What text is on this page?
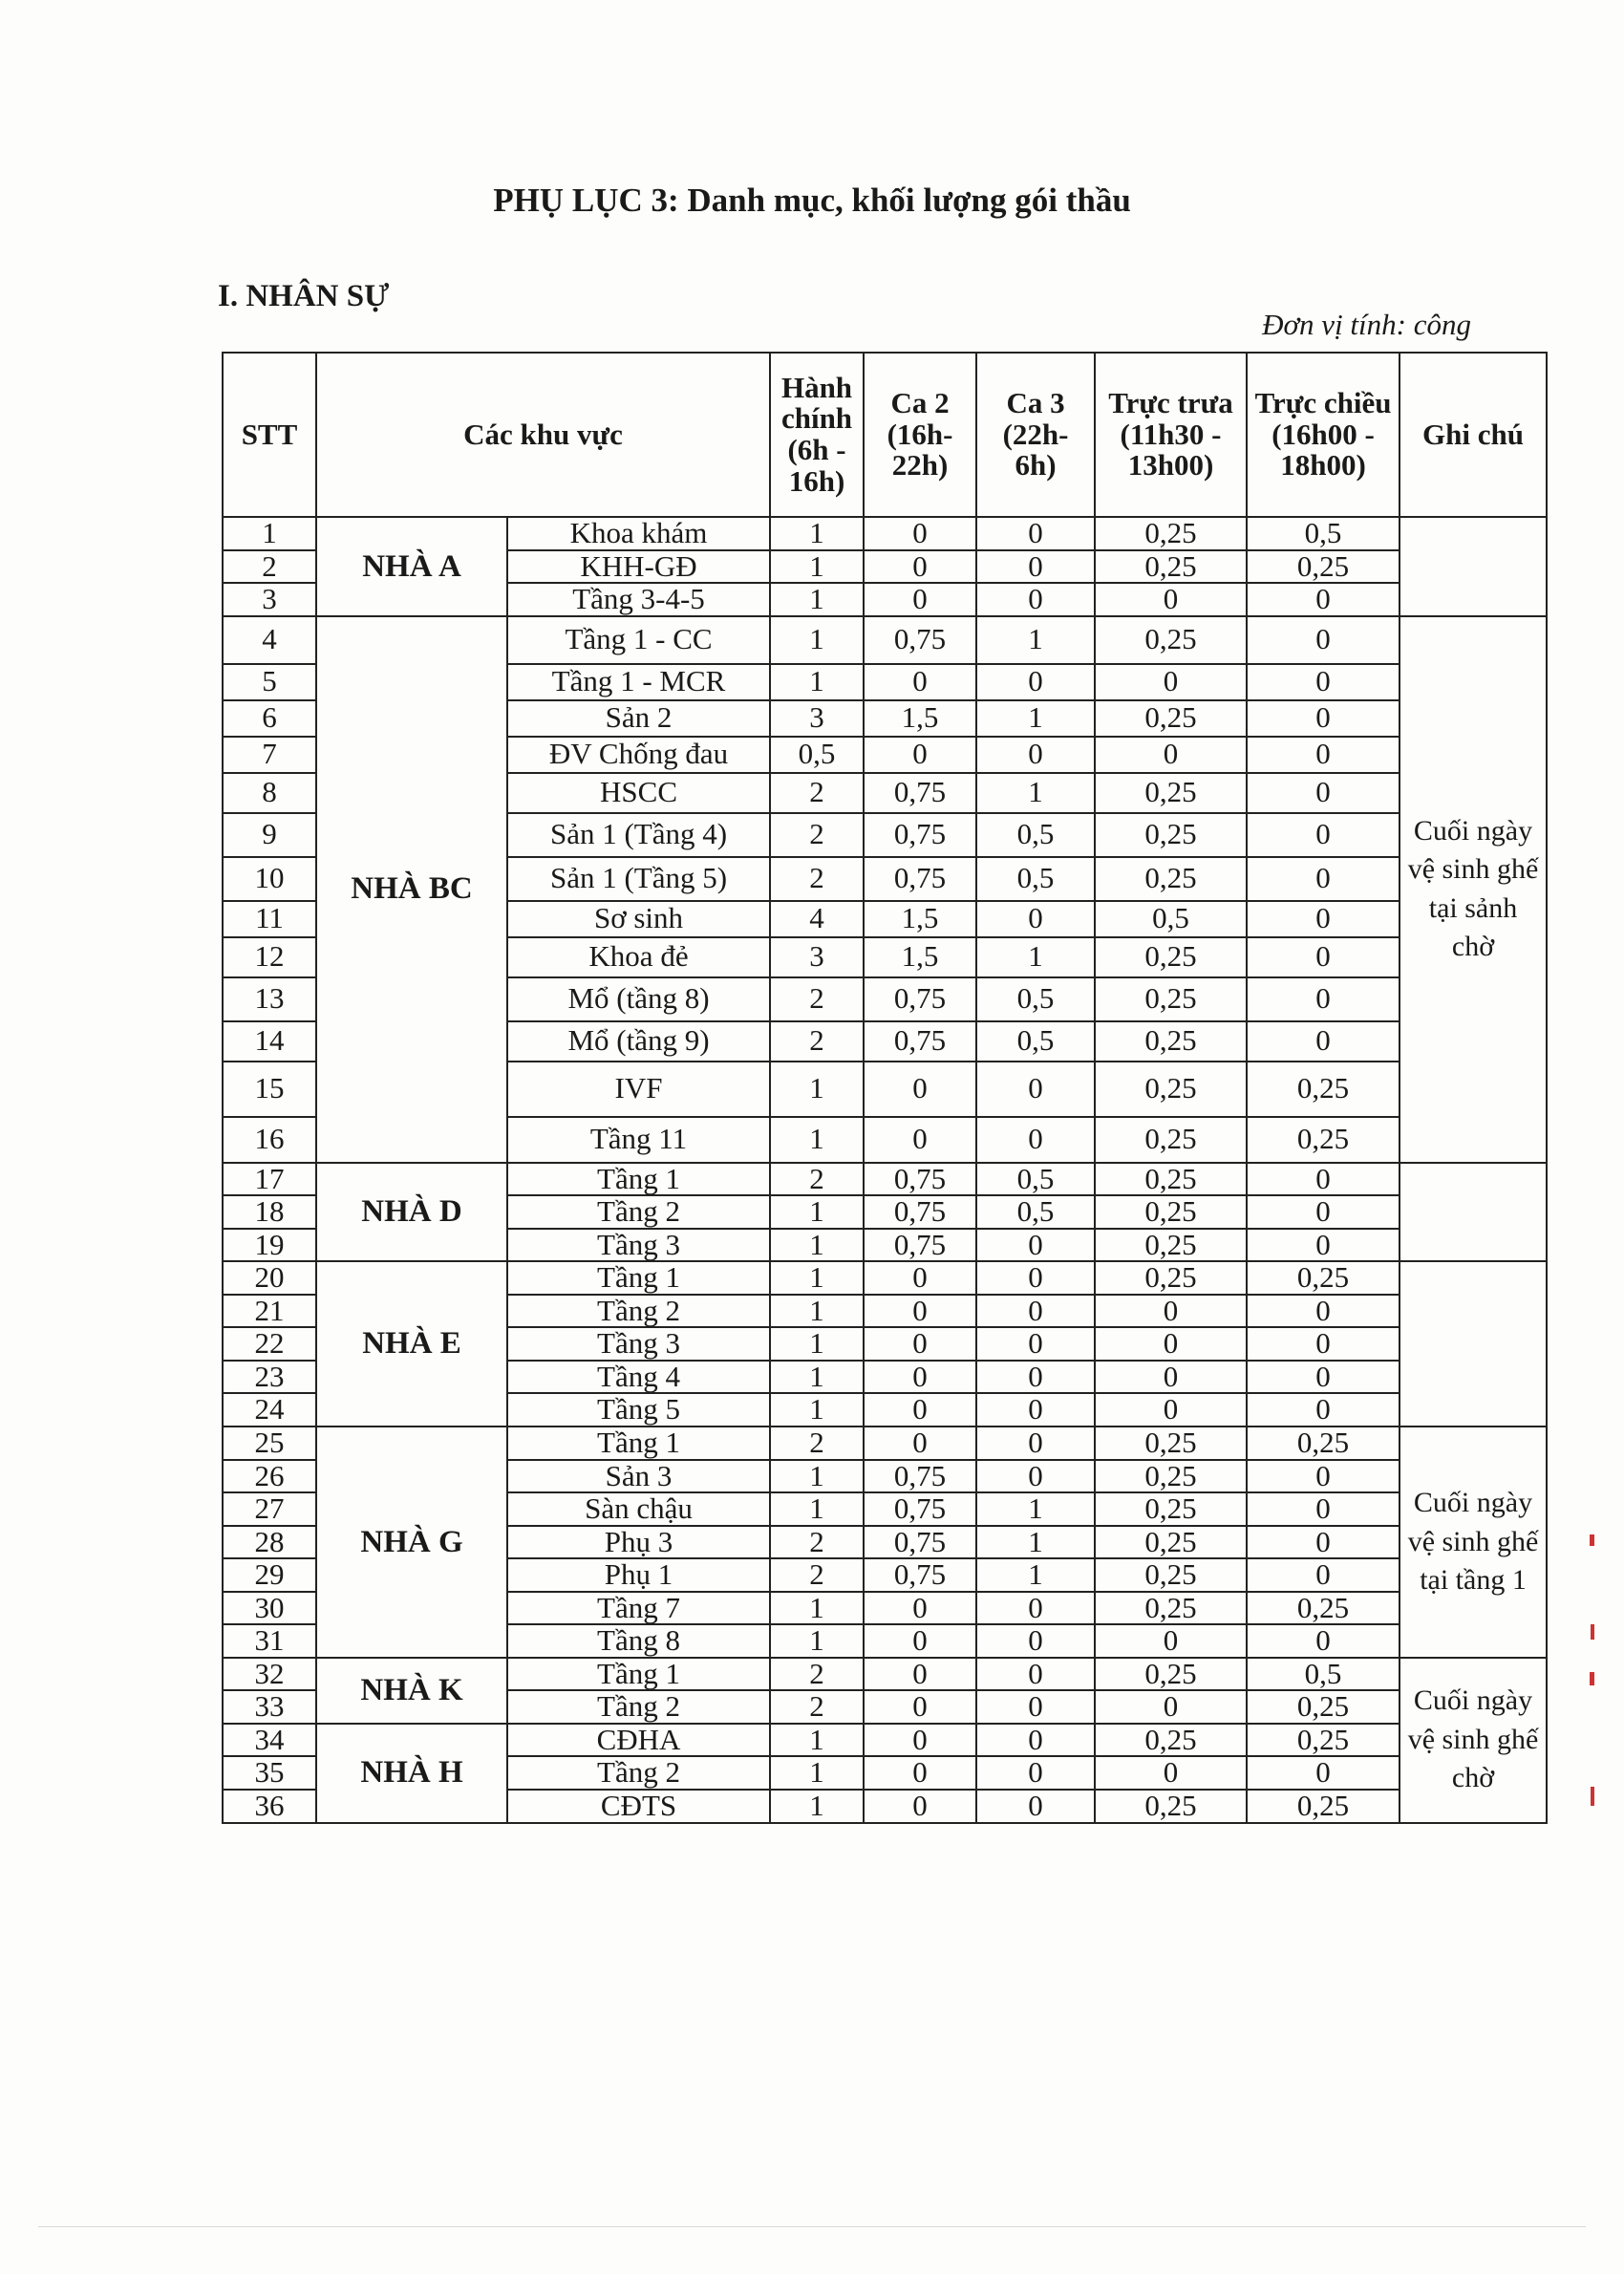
PHỤ LỤC 3: Danh mục, khối lượng gói thầu
I. NHÂN SỰ
Đơn vị tính: công
STT	Các khu vực		Hành chính (6h - 16h)	Ca 2 (16h- 22h)	Ca 3 (22h- 6h)	Trực trưa (11h30 - 13h00)	Trực chiều (16h00 - 18h00)	Ghi chú
1	NHÀ A	Khoa khám	1	0	0	0,25	0,5	
2		KHH-GĐ	1	0	0	0,25	0,25	
3		Tầng 3-4-5	1	0	0	0	0	
4	NHÀ BC	Tầng 1 - CC	1	0,75	1	0,25	0	Cuối ngày vệ sinh ghế tại sảnh chờ
5		Tầng 1 - MCR	1	0	0	0	0	
6		Sản 2	3	1,5	1	0,25	0	
7		ĐV Chống đau	0,5	0	0	0	0	
8		HSCC	2	0,75	1	0,25	0	
9		Sản 1 (Tầng 4)	2	0,75	0,5	0,25	0	
10		Sản 1 (Tầng 5)	2	0,75	0,5	0,25	0	
11		Sơ sinh	4	1,5	0	0,5	0	
12		Khoa đẻ	3	1,5	1	0,25	0	
13		Mổ (tầng 8)	2	0,75	0,5	0,25	0	
14		Mổ (tầng 9)	2	0,75	0,5	0,25	0	
15		IVF	1	0	0	0,25	0,25	
16		Tầng 11	1	0	0	0,25	0,25	
17	NHÀ D	Tầng 1	2	0,75	0,5	0,25	0	
18		Tầng 2	1	0,75	0,5	0,25	0	
19		Tầng 3	1	0,75	0	0,25	0	
20	NHÀ E	Tầng 1	1	0	0	0,25	0,25	
21		Tầng 2	1	0	0	0	0	
22		Tầng 3	1	0	0	0	0	
23		Tầng 4	1	0	0	0	0	
24		Tầng 5	1	0	0	0	0	
25	NHÀ G	Tầng 1	2	0	0	0,25	0,25	Cuối ngày vệ sinh ghế tại tầng 1
26		Sản 3	1	0,75	0	0,25	0	
27		Sàn chậu	1	0,75	1	0,25	0	
28		Phụ 3	2	0,75	1	0,25	0	
29		Phụ 1	2	0,75	1	0,25	0	
30		Tầng 7	1	0	0	0,25	0,25	
31		Tầng 8	1	0	0	0	0	
32	NHÀ K	Tầng 1	2	0	0	0,25	0,5	Cuối ngày vệ sinh ghế chờ
33		Tầng 2	2	0	0	0	0,25	
34	NHÀ H	CĐHA	1	0	0	0,25	0,25	
35		Tầng 2	1	0	0	0	0	
36		CĐTS	1	0	0	0,25	0,25	
